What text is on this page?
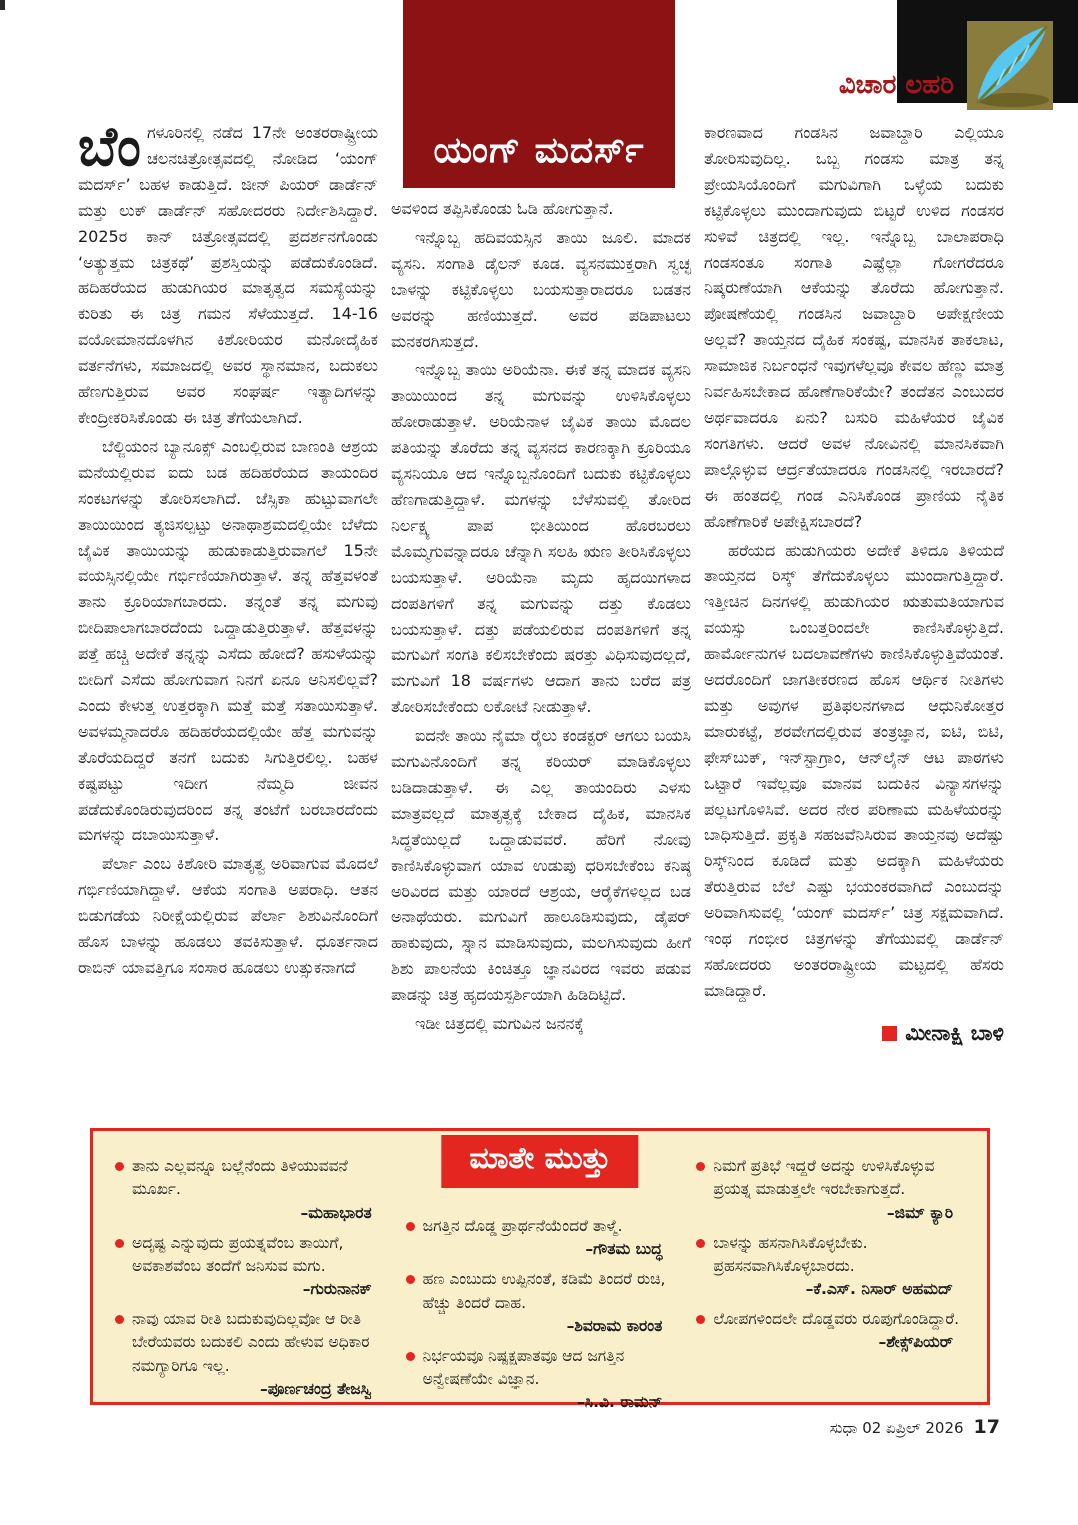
ಯಂಗ್ ಮದರ್ಸ್
ವಿಚಾರ ಲಹರಿ

ಬೆಂಗಳೂರಿನಲ್ಲಿ ನಡೆದ 17ನೇ ಅಂತರರಾಷ್ಟ್ರೀಯ ಚಲನಚಿತ್ರೋತ್ಸವದಲ್ಲಿ ನೋಡಿದ ‘ಯಂಗ್ ಮದರ್ಸ್’ ಬಹಳ ಕಾಡುತ್ತಿದೆ. ಜೀನ್ ಪಿಯರ್ ಡಾರ್ಡೆನ್ ಮತ್ತು ಲುಕ್ ಡಾರ್ಡೆನ್ ಸಹೋದರರು ನಿರ್ದೇಶಿಸಿದ್ದಾರೆ. 2025ರ ಕಾನ್ ಚಿತ್ರೋತ್ಸವದಲ್ಲಿ ಪ್ರದರ್ಶನಗೊಂಡು ‘ಅತ್ಯುತ್ತಮ ಚಿತ್ರಕಥೆ’ ಪ್ರಶಸ್ತಿಯನ್ನು ಪಡೆದುಕೊಂಡಿದೆ. ಹದಿಹರೆಯದ ಹುಡುಗಿಯರ ಮಾತೃತ್ವದ ಸಮಸ್ಯೆಯನ್ನು ಕುರಿತು ಈ ಚಿತ್ರ ಗಮನ ಸೆಳೆಯುತ್ತದೆ. 14-16 ವಯೋಮಾನದೊಳಗಿನ ಕಿಶೋರಿಯರ ಮನೋದೈಹಿಕ ವರ್ತನೆಗಳು, ಸಮಾಜದಲ್ಲಿ ಅವರ ಸ್ಥಾನಮಾನ, ಬದುಕಲು ಹೆಣಗುತ್ತಿರುವ ಅವರ ಸಂಘರ್ಷ ಇತ್ಯಾದಿಗಳನ್ನು ಕೇಂದ್ರೀಕರಿಸಿಕೊಂಡು ಈ ಚಿತ್ರ ತೆಗೆಯಲಾಗಿದೆ.

ಬೆಲ್ಜಿಯಂನ ಬ್ಯಾನೂಕ್ಸ್ ಎಂಬಲ್ಲಿರುವ ಬಾಣಂತಿ ಆಶ್ರಯ ಮನೆಯಲ್ಲಿರುವ ಐದು ಬಡ ಹದಿಹರೆಯದ ತಾಯಂದಿರ ಸಂಕಟಗಳನ್ನು ತೋರಿಸಲಾಗಿದೆ. ಜೆಸ್ಸಿಕಾ ಹುಟ್ಟುವಾಗಲೇ ತಾಯಿಯಿಂದ ತ್ಯಜಿಸಲ್ಪಟ್ಟು ಅನಾಥಾಶ್ರಮದಲ್ಲಿಯೇ ಬೆಳೆದು ಜೈವಿಕ ತಾಯಿಯನ್ನು ಹುಡುಕಾಡುತ್ತಿರುವಾಗಲೆ 15ನೇ ವಯಸ್ಸಿನಲ್ಲಿಯೇ ಗರ್ಭಿಣಿಯಾಗಿರುತ್ತಾಳೆ. ತನ್ನ ಹೆತ್ತವಳಂತೆ ತಾನು ಕ್ರೂರಿಯಾಗಬಾರದು. ತನ್ನಂತೆ ತನ್ನ ಮಗುವು ಬೀದಿಪಾಲಾಗಬಾರದೆಂದು ಒದ್ದಾಡುತ್ತಿರುತ್ತಾಳೆ. ಹೆತ್ತವಳನ್ನು ಪತ್ತೆ ಹಚ್ಚಿ ಅದೇಕೆ ತನ್ನನ್ನು ಎಸೆದು ಹೋದೆ? ಹಸುಳೆಯನ್ನು ಬೀದಿಗೆ ಎಸೆದು ಹೋಗುವಾಗ ನಿನಗೆ ಏನೂ ಅನಿಸಲಿಲ್ಲವೆ? ಎಂದು ಕೇಳುತ್ತ ಉತ್ತರಕ್ಕಾಗಿ ಮತ್ತೆ ಮತ್ತೆ ಸತಾಯಿಸುತ್ತಾಳೆ. ಅವಳಮ್ಮನಾದರೊ ಹದಿಹರೆಯದಲ್ಲಿಯೇ ಹೆತ್ತ ಮಗುವನ್ನು ತೊರೆಯದಿದ್ದರೆ ತನಗೆ ಬದುಕು ಸಿಗುತ್ತಿರಲಿಲ್ಲ. ಬಹಳ ಕಷ್ಟಪಟ್ಟು ಇದೀಗ ನೆಮ್ಮದಿ ಜೀವನ ಪಡೆದುಕೊಂಡಿರುವುದರಿಂದ ತನ್ನ ತಂಟೆಗೆ ಬರಬಾರದೆಂದು ಮಗಳನ್ನು ದಬಾಯಿಸುತ್ತಾಳೆ.

ಪೆರ್ಲಾ ಎಂಬ ಕಿಶೋರಿ ಮಾತೃತ್ವ ಅರಿವಾಗುವ ಮೊದಲೆ ಗರ್ಭಿಣಿಯಾಗಿದ್ದಾಳೆ. ಆಕೆಯ ಸಂಗಾತಿ ಅಪರಾಧಿ. ಆತನ ಬಿಡುಗಡೆಯ ನಿರೀಕ್ಷೆಯಲ್ಲಿರುವ ಪೆರ್ಲಾ ಶಿಶುವಿನೊಂದಿಗೆ ಹೊಸ ಬಾಳನ್ನು ಹೂಡಲು ತವಕಿಸುತ್ತಾಳೆ. ಧೂರ್ತನಾದ ರಾಬಿನ್ ಯಾವತ್ತಿಗೂ ಸಂಸಾರ ಹೂಡಲು ಉತ್ಸುಕನಾಗದೆ

ಅವಳಿಂದ ತಪ್ಪಿಸಿಕೊಂಡು ಓಡಿ ಹೋಗುತ್ತಾನೆ.

ಇನ್ನೊಬ್ಬ ಹದಿವಯಸ್ಸಿನ ತಾಯಿ ಜೂಲಿ. ಮಾದಕ ವ್ಯಸನಿ. ಸಂಗಾತಿ ಡೈಲನ್ ಕೂಡ. ವ್ಯಸನಮುಕ್ತರಾಗಿ ಸ್ವಚ್ಛ ಬಾಳನ್ನು ಕಟ್ಟಿಕೊಳ್ಳಲು ಬಯಸುತ್ತಾರಾದರೂ ಬಡತನ ಅವರನ್ನು ಹಣಿಯುತ್ತದೆ. ಅವರ ಪಡಿಪಾಟಲು ಮನಕರಗಿಸುತ್ತದೆ.

ಇನ್ನೊಬ್ಬ ತಾಯಿ ಅರಿಯೆನಾ. ಈಕೆ ತನ್ನ ಮಾದಕ ವ್ಯಸನಿ ತಾಯಿಯಿಂದ ತನ್ನ ಮಗುವನ್ನು ಉಳಿಸಿಕೊಳ್ಳಲು ಹೋರಾಡುತ್ತಾಳೆ. ಅರಿಯೆನಾಳ ಜೈವಿಕ ತಾಯಿ ಮೊದಲ ಪತಿಯನ್ನು ತೊರೆದು ತನ್ನ ವ್ಯಸನದ ಕಾರಣಕ್ಕಾಗಿ ಕ್ರೂರಿಯೂ ವ್ಯಸನಿಯೂ ಆದ ಇನ್ನೊಬ್ಬನೊಂದಿಗೆ ಬದುಕು ಕಟ್ಟಿಕೊಳ್ಳಲು ಹೆಣಗಾಡುತ್ತಿದ್ದಾಳೆ. ಮಗಳನ್ನು ಬೆಳೆಸುವಲ್ಲಿ ತೋರಿದ ನಿರ್ಲಕ್ಷ್ಯ ಪಾಪ ಭೀತಿಯಿಂದ ಹೊರಬರಲು ಮೊಮ್ಮಗುವನ್ನಾದರೂ ಚೆನ್ನಾಗಿ ಸಲಹಿ ಋಣ ತೀರಿಸಿಕೊಳ್ಳಲು ಬಯಸುತ್ತಾಳೆ. ಅರಿಯೆನಾ ಮೃದು ಹೃದಯಿಗಳಾದ ದಂಪತಿಗಳಿಗೆ ತನ್ನ ಮಗುವನ್ನು ದತ್ತು ಕೊಡಲು ಬಯಸುತ್ತಾಳೆ. ದತ್ತು ಪಡೆಯಲಿರುವ ದಂಪತಿಗಳಿಗೆ ತನ್ನ ಮಗುವಿಗೆ ಸಂಗತಿ ಕಲಿಸಬೇಕೆಂದು ಷರತ್ತು ವಿಧಿಸುವುದಲ್ಲದೆ, ಮಗುವಿಗೆ 18 ವರ್ಷಗಳು ಆದಾಗ ತಾನು ಬರೆದ ಪತ್ರ ತೋರಿಸಬೇಕೆಂದು ಲಕೋಟೆ ನೀಡುತ್ತಾಳೆ.

ಐದನೇ ತಾಯಿ ನೈಮಾ ರೈಲು ಕಂಡಕ್ಟರ್ ಆಗಲು ಬಯಸಿ ಮಗುವಿನೊಂದಿಗೆ ತನ್ನ ಕರಿಯರ್ ಮಾಡಿಕೊಳ್ಳಲು ಬಡಿದಾಡುತ್ತಾಳೆ. ಈ ಎಲ್ಲ ತಾಯಂದಿರು ಎಳಸು ಮಾತ್ರವಲ್ಲದೆ ಮಾತೃತ್ವಕ್ಕೆ ಬೇಕಾದ ದೈಹಿಕ, ಮಾನಸಿಕ ಸಿದ್ಧತೆಯಿಲ್ಲದೆ ಒದ್ದಾಡುವವರೆ. ಹೆರಿಗೆ ನೋವು ಕಾಣಿಸಿಕೊಳ್ಳುವಾಗ ಯಾವ ಉಡುಪು ಧರಿಸಬೇಕೆಂಬ ಕನಿಷ್ಠ ಅರಿವಿರದ ಮತ್ತು ಯಾರದೆ ಆಶ್ರಯ, ಆರೈಕೆಗಳಿಲ್ಲದ ಬಡ ಅನಾಥೆಯರು. ಮಗುವಿಗೆ ಹಾಲೂಡಿಸುವುದು, ಡೈಪರ್ ಹಾಕುವುದು, ಸ್ನಾನ ಮಾಡಿಸುವುದು, ಮಲಗಿಸುವುದು ಹೀಗೆ ಶಿಶು ಪಾಲನೆಯ ಕಿಂಚಿತ್ತೂ ಜ್ಞಾನವಿರದ ಇವರು ಪಡುವ ಪಾಡನ್ನು ಚಿತ್ರ ಹೃದಯಸ್ಪರ್ಶಿಯಾಗಿ ಹಿಡಿದಿಟ್ಟಿದೆ.

ಇಡೀ ಚಿತ್ರದಲ್ಲಿ ಮಗುವಿನ ಜನನಕ್ಕೆ

ಕಾರಣವಾದ ಗಂಡಸಿನ ಜವಾಬ್ದಾರಿ ಎಲ್ಲಿಯೂ ತೋರಿಸುವುದಿಲ್ಲ. ಒಬ್ಬ ಗಂಡಸು ಮಾತ್ರ ತನ್ನ ಪ್ರೇಯಸಿಯೊಂದಿಗೆ ಮಗುವಿಗಾಗಿ ಒಳ್ಳೆಯ ಬದುಕು ಕಟ್ಟಿಕೊಳ್ಳಲು ಮುಂದಾಗುವುದು ಬಿಟ್ಟರೆ ಉಳಿದ ಗಂಡಸರ ಸುಳಿವೆ ಚಿತ್ರದಲ್ಲಿ ಇಲ್ಲ. ಇನ್ನೊಬ್ಬ ಬಾಲಾಪರಾಧಿ ಗಂಡಸಂತೂ ಸಂಗಾತಿ ಎಷ್ಟೆಲ್ಲಾ ಗೋಗರೆದರೂ ನಿಷ್ಕರುಣೆಯಾಗಿ ಆಕೆಯನ್ನು ತೊರೆದು ಹೋಗುತ್ತಾನೆ. ಪೋಷಣೆಯಲ್ಲಿ ಗಂಡಸಿನ ಜವಾಬ್ದಾರಿ ಅಪೇಕ್ಷಣೀಯ ಅಲ್ಲವೆ? ತಾಯ್ತನದ ದೈಹಿಕ ಸಂಕಷ್ಟ, ಮಾನಸಿಕ ತಾಕಲಾಟ, ಸಾಮಾಜಿಕ ನಿರ್ಬಂಧನೆ ಇವುಗಳೆಲ್ಲವೂ ಕೇವಲ ಹೆಣ್ಣು ಮಾತ್ರ ನಿರ್ವಹಿಸಬೇಕಾದ ಹೊಣೆಗಾರಿಕೆಯೇ? ತಂದೆತನ ಎಂಬುದರ ಅರ್ಥವಾದರೂ ಏನು? ಬಸುರಿ ಮಹಿಳೆಯರ ಜೈವಿಕ ಸಂಗತಿಗಳು. ಆದರೆ ಅವಳ ನೋವಿನಲ್ಲಿ ಮಾನಸಿಕವಾಗಿ ಪಾಲ್ಗೊಳ್ಳುವ ಆರ್ದ್ರತೆಯಾದರೂ ಗಂಡಸಿನಲ್ಲಿ ಇರಬಾರದೆ? ಈ ಹಂತದಲ್ಲಿ ಗಂಡ ಎನಿಸಿಕೊಂಡ ಪ್ರಾಣಿಯ ನೈತಿಕ ಹೊಣೆಗಾರಿಕೆ ಅಪೇಕ್ಷಿಸಬಾರದೆ?

ಹರೆಯದ ಹುಡುಗಿಯರು ಅದೇಕೆ ತಿಳಿದೂ ತಿಳಿಯದೆ ತಾಯ್ತನದ ರಿಸ್ಕ್ ತೆಗೆದುಕೊಳ್ಳಲು ಮುಂದಾಗುತ್ತಿದ್ದಾರೆ. ಇತ್ತೀಚಿನ ದಿನಗಳಲ್ಲಿ ಹುಡುಗಿಯರ ಋತುಮತಿಯಾಗುವ ವಯಸ್ಸು ಒಂಬತ್ತರಿಂದಲೇ ಕಾಣಿಸಿಕೊಳ್ಳುತ್ತಿದೆ. ಹಾರ್ಮೋನುಗಳ ಬದಲಾವಣೆಗಳು ಕಾಣಿಸಿಕೊಳ್ಳುತ್ತಿವೆಯಂತೆ. ಅದರೊಂದಿಗೆ ಜಾಗತೀಕರಣದ ಹೊಸ ಆರ್ಥಿಕ ನೀತಿಗಳು ಮತ್ತು ಅವುಗಳ ಪ್ರತಿಫಲನಗಳಾದ ಆಧುನಿಕೋತ್ತರ ಮಾರುಕಟ್ಟೆ, ಶರವೇಗದಲ್ಲಿರುವ ತಂತ್ರಜ್ಞಾನ, ಐಟಿ, ಬಿಟಿ, ಫೇಸ್‌ಬುಕ್, ಇನ್‌ಸ್ಟಾಗ್ರಾಂ, ಆನ್‌ಲೈನ್ ಆಟ ಪಾಠಗಳು ಒಟ್ಟಾರೆ ಇವೆಲ್ಲವೂ ಮಾನವ ಬದುಕಿನ ವಿನ್ಯಾಸಗಳನ್ನು ಪಲ್ಲಟಗೊಳಿಸಿವೆ. ಅದರ ನೇರ ಪರಿಣಾಮ ಮಹಿಳೆಯರನ್ನು ಬಾಧಿಸುತ್ತಿದೆ. ಪ್ರಕೃತಿ ಸಹಜವೆನಿಸಿರುವ ತಾಯ್ತನವು ಅದೆಷ್ಟು ರಿಸ್ಕ್‌ನಿಂದ ಕೂಡಿದೆ ಮತ್ತು ಅದಕ್ಕಾಗಿ ಮಹಿಳೆಯರು ತೆರುತ್ತಿರುವ ಬೆಲೆ ಎಷ್ಟು ಭಯಂಕರವಾಗಿದೆ ಎಂಬುದನ್ನು ಅರಿವಾಗಿಸುವಲ್ಲಿ ‘ಯಂಗ್ ಮದರ್ಸ್’ ಚಿತ್ರ ಸಕ್ಷಮವಾಗಿದೆ. ಇಂಥ ಗಂಭೀರ ಚಿತ್ರಗಳನ್ನು ತೆಗೆಯುವಲ್ಲಿ ಡಾರ್ಡೆನ್ ಸಹೋದರರು ಅಂತರರಾಷ್ಟ್ರೀಯ ಮಟ್ಟದಲ್ಲಿ ಹೆಸರು ಮಾಡಿದ್ದಾರೆ.

ಮೀನಾಕ್ಷಿ ಬಾಳಿ
ಮಾತೇ ಮುತ್ತು
ತಾನು ಎಲ್ಲವನ್ನೂ ಬಲ್ಲೆನೆಂದು ತಿಳಿಯುವವನೆ ಮೂರ್ಖ.
–ಮಹಾಭಾರತ
ಅದೃಷ್ಟ ಎನ್ನುವುದು ಪ್ರಯತ್ನವೆಂಬ ತಾಯಿಗೆ, ಅವಕಾಶವೆಂಬ ತಂದೆಗೆ ಜನಿಸುವ ಮಗು.
–ಗುರುನಾನಕ್
ನಾವು ಯಾವ ರೀತಿ ಬದುಕುವುದಿಲ್ಲವೋ ಆ ರೀತಿ ಬೇರೆಯವರು ಬದುಕಲಿ ಎಂದು ಹೇಳುವ ಅಧಿಕಾರ ನಮಗ್ಯಾರಿಗೂ ಇಲ್ಲ.
–ಪೂರ್ಣಚಂದ್ರ ತೇಜಸ್ವಿ
ಜಗತ್ತಿನ ದೊಡ್ಡ ಪ್ರಾರ್ಥನೆಯೆಂದರೆ ತಾಳ್ಮೆ.
–ಗೌತಮ ಬುದ್ಧ
ಹಣ ಎಂಬುದು ಉಪ್ಪಿನಂತೆ, ಕಡಿಮೆ ತಿಂದರೆ ರುಚಿ, ಹೆಚ್ಚು ತಿಂದರೆ ದಾಹ.
–ಶಿವರಾಮ ಕಾರಂತ
ನಿರ್ಭಯವೂ ನಿಷ್ಪಕ್ಷಪಾತವೂ ಆದ ಜಗತ್ತಿನ ಅನ್ವೇಷಣೆಯೇ ವಿಜ್ಞಾನ.
–ಸಿ.ವಿ. ರಾಮನ್
ನಿಮಗೆ ಪ್ರತಿಭೆ ಇದ್ದರೆ ಅದನ್ನು ಉಳಿಸಿಕೊಳ್ಳುವ ಪ್ರಯತ್ನ ಮಾಡುತ್ತಲೇ ಇರಬೇಕಾಗುತ್ತದೆ.
–ಜಿಮ್ ಕ್ಯಾರಿ
ಬಾಳನ್ನು ಹಸನಾಗಿಸಿಕೊಳ್ಳಬೇಕು. ಪ್ರಹಸನವಾಗಿಸಿಕೊಳ್ಳಬಾರದು.
–ಕೆ.ಎಸ್. ನಿಸಾರ್ ಅಹಮದ್
ಲೋಪಗಳಿಂದಲೇ ದೊಡ್ಡವರು ರೂಪುಗೊಂಡಿದ್ದಾರೆ.
–ಶೇಕ್ಸ್‌ಪಿಯರ್
ಸುಧಾ 02 ಏಪ್ರಿಲ್ 2026 17
